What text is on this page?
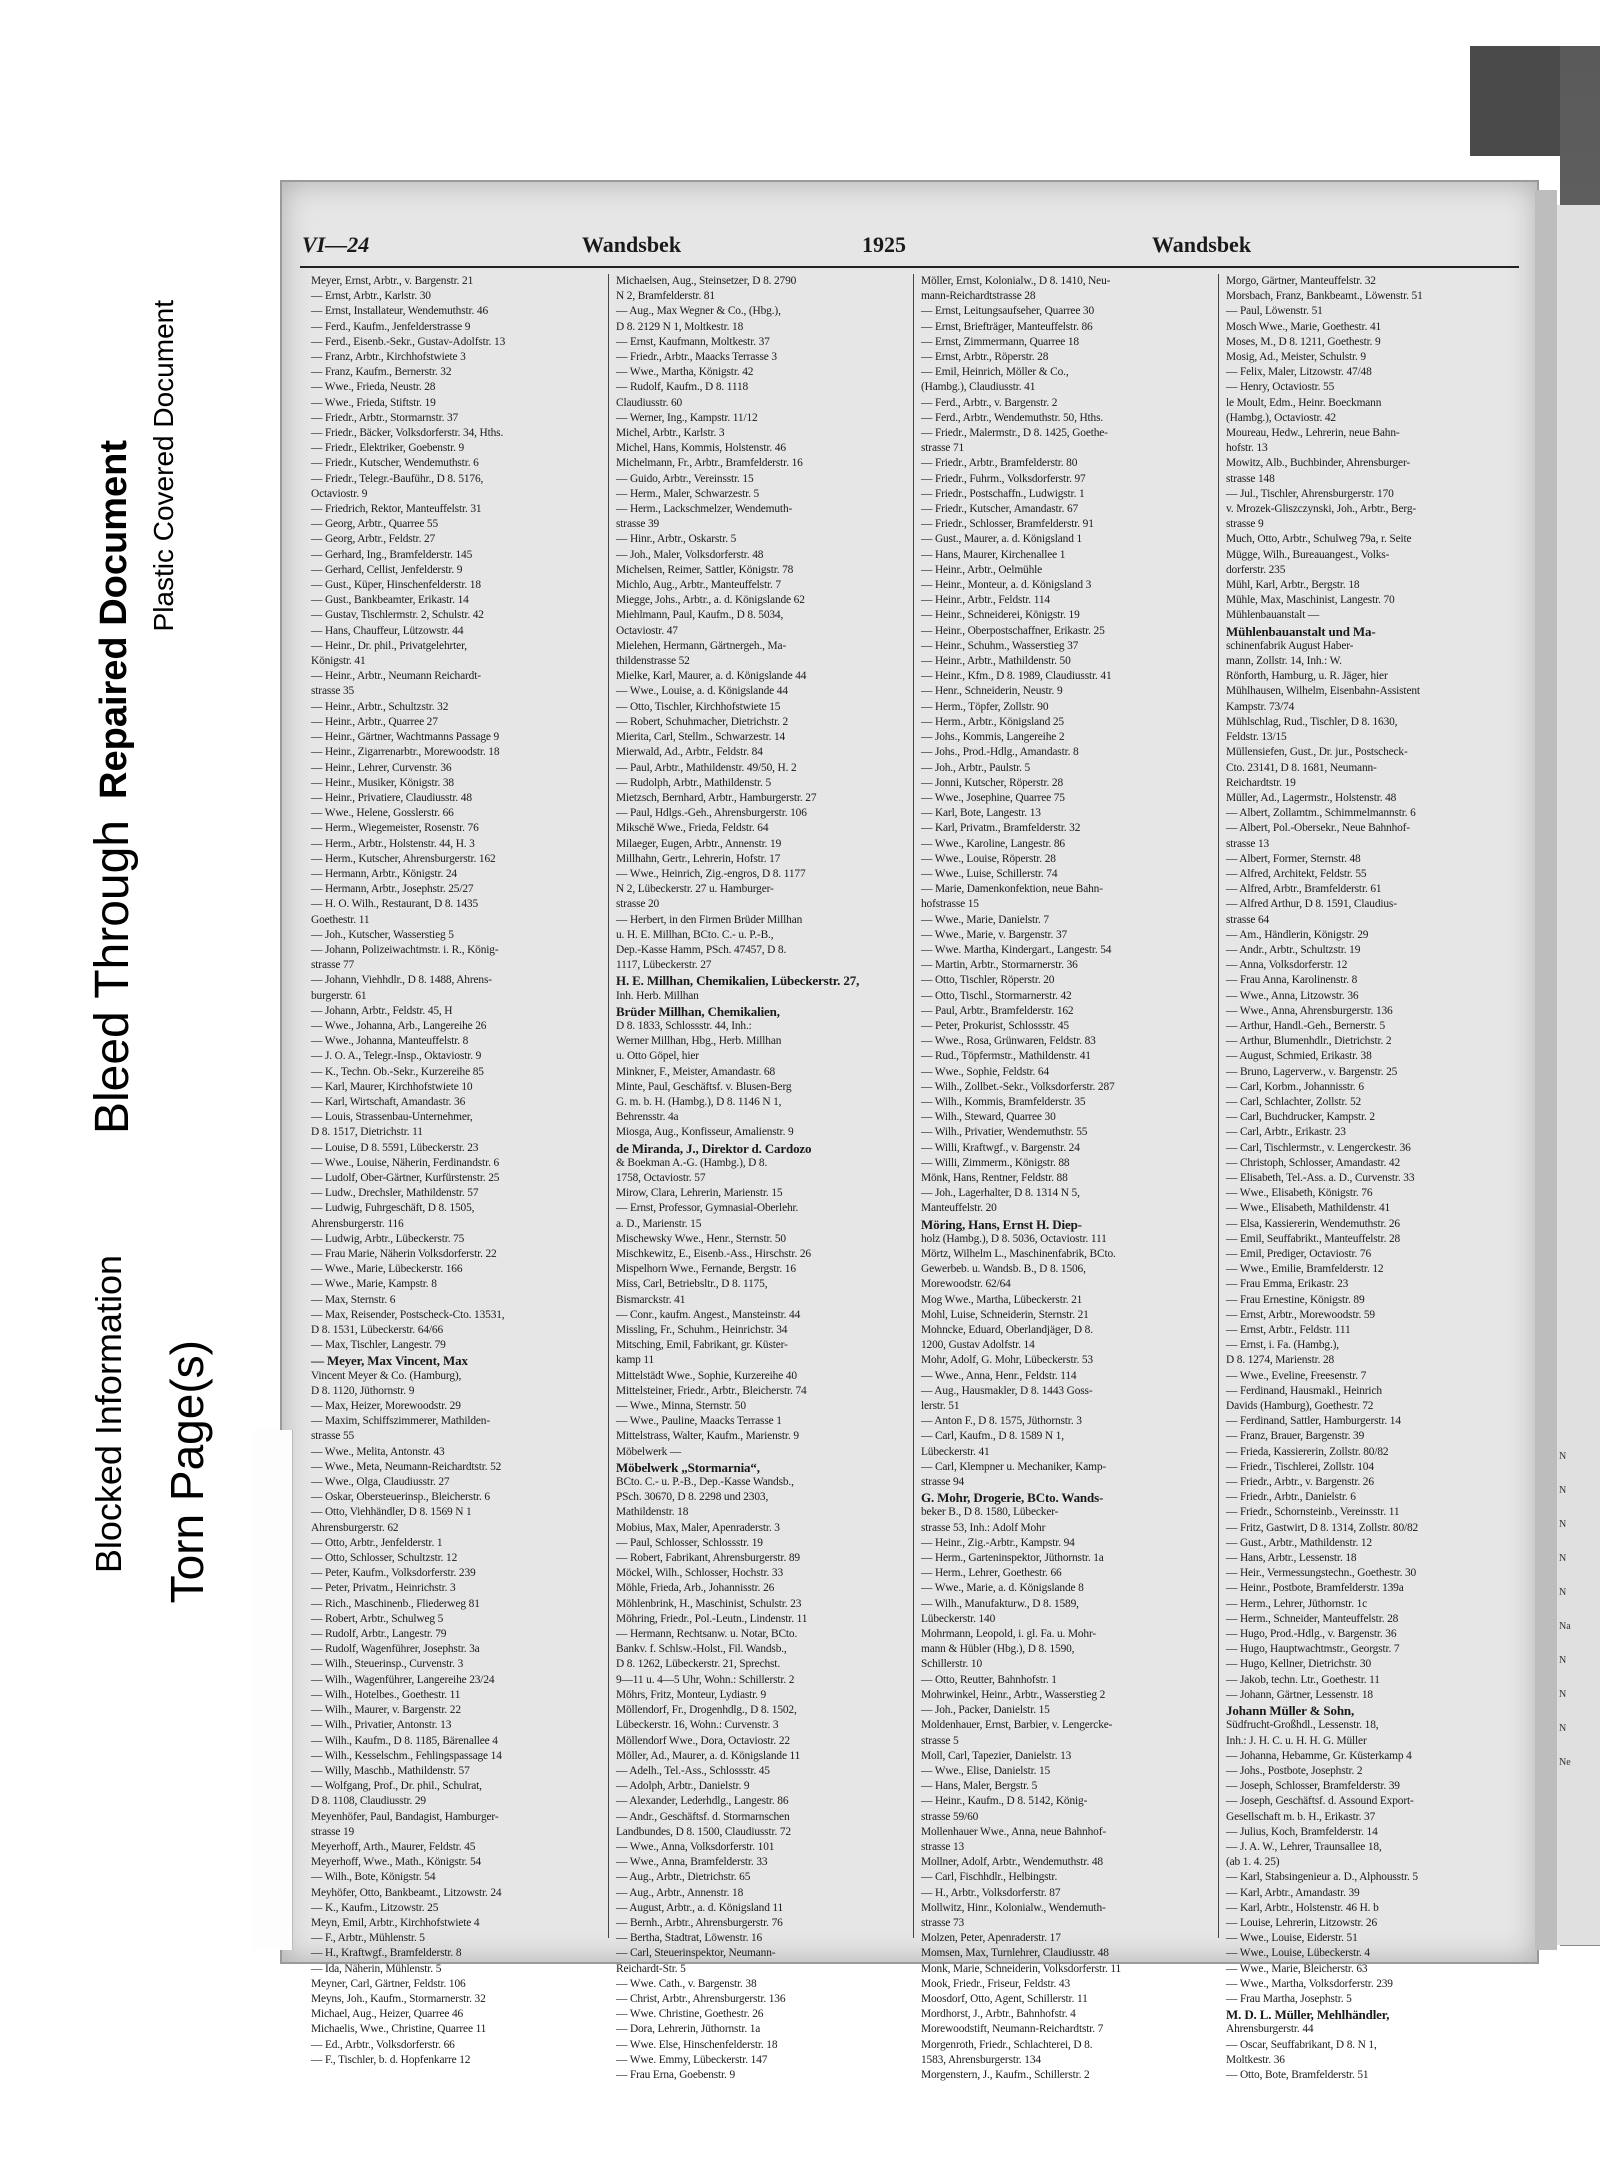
Blocked Information Torn Page(s)
Bleed Through
Repaired Document Plastic Covered Document
VI—24	Wandsbek	1925	Wandsbek
Meyer, Ernst, Arbtr., v. Bargenstr. 21
— Ernst, Arbtr., Karlstr. 30
— Ernst, Installateur, Wendemuthstr. 46
— Ferd., Kaufm., Jenfelderstrasse 9
— Ferd., Eisenb.-Sekr., Gustav-Adolfstr. 13
— Franz, Arbtr., Kirchhofstwiete 3
— Franz, Kaufm., Bernerstr. 32
— Wwe., Frieda, Neustr. 28
— Wwe., Frieda, Stiftstr. 19
— Friedr., Arbtr., Stormarnstr. 37
— Friedr., Bäcker, Volksdorferstr. 34, Hths.
— Friedr., Elektriker, Goebenstr. 9
— Friedr., Kutscher, Wendemuthstr. 6
— Friedr., Telegr.-Bauführ., D 8. 5176,
Octaviostr. 9
— Friedrich, Rektor, Manteuffelstr. 31
— Georg, Arbtr., Quarree 55
— Georg, Arbtr., Feldstr. 27
— Gerhard, Ing., Bramfelderstr. 145
— Gerhard, Cellist, Jenfelderstr. 9
— Gust., Küper, Hinschenfelderstr. 18
— Gust., Bankbeamter, Erikastr. 14
— Gustav, Tischlermstr. 2, Schulstr. 42
— Hans, Chauffeur, Lützowstr. 44
— Heinr., Dr. phil., Privatgelehrter,
Königstr. 41
— Heinr., Arbtr., Neumann Reichardt-
strasse 35
— Heinr., Arbtr., Schultzstr. 32
— Heinr., Arbtr., Quarree 27
— Heinr., Gärtner, Wachtmanns Passage 9
— Heinr., Zigarrenarbtr., Morewoodstr. 18
— Heinr., Lehrer, Curvenstr. 36
— Heinr., Musiker, Königstr. 38
— Heinr., Privatiere, Claudiusstr. 48
— Wwe., Helene, Gosslerstr. 66
— Herm., Wiegemeister, Rosenstr. 76
— Herm., Arbtr., Holstenstr. 44, H. 3
— Herm., Kutscher, Ahrensburgerstr. 162
— Hermann, Arbtr., Königstr. 24
— Hermann, Arbtr., Josephstr. 25/27
— H. O. Wilh., Restaurant, D 8. 1435
Goethestr. 11
— Joh., Kutscher, Wasserstieg 5
— Johann, Polizeiwachtmstr. i. R., König-
strasse 77
— Johann, Viehhdlr., D 8. 1488, Ahrens-
burgerstr. 61
— Johann, Arbtr., Feldstr. 45, H
— Wwe., Johanna, Arb., Langereihe 26
— Wwe., Johanna, Manteuffelstr. 8
— J. O. A., Telegr.-Insp., Oktaviostr. 9
— K., Techn. Ob.-Sekr., Kurzereihe 85
— Karl, Maurer, Kirchhofstwiete 10
— Karl, Wirtschaft, Amandastr. 36
— Louis, Strassenbau-Unternehmer,
D 8. 1517, Dietrichstr. 11
— Louise, D 8. 5591, Lübeckerstr. 23
— Wwe., Louise, Näherin, Ferdinandstr. 6
— Ludolf, Ober-Gärtner, Kurfürstenstr. 25
— Ludw., Drechsler, Mathildenstr. 57
— Ludwig, Fuhrgeschäft, D 8. 1505,
Ahrensburgerstr. 116
— Ludwig, Arbtr., Lübeckerstr. 75
— Frau Marie, Näherin Volksdorferstr. 22
— Wwe., Marie, Lübeckerstr. 166
— Wwe., Marie, Kampstr. 8
— Max, Sternstr. 6
— Max, Reisender, Postscheck-Cto. 13531,
D 8. 1531, Lübeckerstr. 64/66
— Max, Tischler, Langestr. 79
— Meyer, Max Vincent, Max
Vincent Meyer & Co. (Hamburg),
D 8. 1120, Jüthornstr. 9
— Max, Heizer, Morewoodstr. 29
— Maxim, Schiffszimmerer, Mathilden-
strasse 55
— Wwe., Melita, Antonstr. 43
— Wwe., Meta, Neumann-Reichardtstr. 52
— Wwe., Olga, Claudiusstr. 27
— Oskar, Obersteuerinsp., Bleicherstr. 6
— Otto, Viehhändler, D 8. 1569 N 1
Ahrensburgerstr. 62
— Otto, Arbtr., Jenfelderstr. 1
— Otto, Schlosser, Schultzstr. 12
— Peter, Kaufm., Volksdorferstr. 239
— Peter, Privatm., Heinrichstr. 3
— Rich., Maschinenb., Fliederweg 81
— Robert, Arbtr., Schulweg 5
— Rudolf, Arbtr., Langestr. 79
— Rudolf, Wagenführer, Josephstr. 3a
— Wilh., Steuerinsp., Curvenstr. 3
— Wilh., Wagenführer, Langereihe 23/24
— Wilh., Hotelbes., Goethestr. 11
— Wilh., Maurer, v. Bargenstr. 22
— Wilh., Privatier, Antonstr. 13
— Wilh., Kaufm., D 8. 1185, Bärenallee 4
— Wilh., Kesselschm., Fehlingspassage 14
— Willy, Maschb., Mathildenstr. 57
— Wolfgang, Prof., Dr. phil., Schulrat,
D 8. 1108, Claudiusstr. 29
Meyenhöfer, Paul, Bandagist, Hamburger-
strasse 19
Meyerhoff, Arth., Maurer, Feldstr. 45
Meyerhoff, Wwe., Math., Königstr. 54
— Wilh., Bote, Königstr. 54
Meyhöfer, Otto, Bankbeamt., Litzowstr. 24
— K., Kaufm., Litzowstr. 25
Meyn, Emil, Arbtr., Kirchhofstwiete 4
— F., Arbtr., Mühlenstr. 5
— H., Kraftwgf., Bramfelderstr. 8
— Ida, Näherin, Mühlenstr. 5
Meyner, Carl, Gärtner, Feldstr. 106
Meyns, Joh., Kaufm., Stormarnerstr. 32
Michael, Aug., Heizer, Quarree 46
Michaelis, Wwe., Christine, Quarree 11
— Ed., Arbtr., Volksdorferstr. 66
— F., Tischler, b. d. Hopfenkarre 12
Michaelsen, Aug., Steinsetzer, D 8. 2790
N 2, Bramfelderstr. 81
— Aug., Max Wegner & Co., (Hbg.),
D 8. 2129 N 1, Moltkestr. 18
— Ernst, Kaufmann, Moltkestr. 37
— Friedr., Arbtr., Maacks Terrasse 3
— Wwe., Martha, Königstr. 42
— Rudolf, Kaufm., D 8. 1118
Claudiusstr. 60
— Werner, Ing., Kampstr. 11/12
Michel, Arbtr., Karlstr. 3
Michel, Hans, Kommis, Holstenstr. 46
Michelmann, Fr., Arbtr., Bramfelderstr. 16
— Guido, Arbtr., Vereinsstr. 15
— Herm., Maler, Schwarzestr. 5
— Herm., Lackschmelzer, Wendemuth-
strasse 39
— Hinr., Arbtr., Oskarstr. 5
— Joh., Maler, Volksdorferstr. 48
Michelsen, Reimer, Sattler, Königstr. 78
Michlo, Aug., Arbtr., Manteuffelstr. 7
Miegge, Johs., Arbtr., a. d. Königslande 62
Miehlmann, Paul, Kaufm., D 8. 5034,
Octaviostr. 47
Mielehen, Hermann, Gärtnergeh., Ma-
thildenstrasse 52
Mielke, Karl, Maurer, a. d. Königslande 44
— Wwe., Louise, a. d. Königslande 44
— Otto, Tischler, Kirchhofstwiete 15
— Robert, Schuhmacher, Dietrichstr. 2
Mierita, Carl, Stellm., Schwarzestr. 14
Mierwald, Ad., Arbtr., Feldstr. 84
— Paul, Arbtr., Mathildenstr. 49/50, H. 2
— Rudolph, Arbtr., Mathildenstr. 5
Mietzsch, Bernhard, Arbtr., Hamburgerstr. 27
— Paul, Hdlgs.-Geh., Ahrensburgerstr. 106
Mikschë Wwe., Frieda, Feldstr. 64
Milaeger, Eugen, Arbtr., Annenstr. 19
Millhahn, Gertr., Lehrerin, Hofstr. 17
— Wwe., Heinrich, Zig.-engros, D 8. 1177
N 2, Lübeckerstr. 27 u. Hamburger-
strasse 20
— Herbert, in den Firmen Brüder Millhan
u. H. E. Millhan, BCto. C.- u. P.-B.,
Dep.-Kasse Hamm, PSch. 47457, D 8.
1117, Lübeckerstr. 27
H. E. Millhan, Chemikalien, Lübeckerstr. 27,
Inh. Herb. Millhan
Brüder Millhan, Chemikalien,
D 8. 1833, Schlossstr. 44, Inh.:
Werner Millhan, Hbg., Herb. Millhan
u. Otto Göpel, hier
Minkner, F., Meister, Amandastr. 68
Minte, Paul, Geschäftsf. v. Blusen-Berg
G. m. b. H. (Hambg.), D 8. 1146 N 1,
Behrensstr. 4a
Miosga, Aug., Konfisseur, Amalienstr. 9
de Miranda, J., Direktor d. Cardozo
& Boekman A.-G. (Hambg.), D 8.
1758, Octaviostr. 57
Mirow, Clara, Lehrerin, Marienstr. 15
— Ernst, Professor, Gymnasial-Oberlehr.
a. D., Marienstr. 15
Mischewsky Wwe., Henr., Sternstr. 50
Mischkewitz, E., Eisenb.-Ass., Hirschstr. 26
Mispelhorn Wwe., Fernande, Bergstr. 16
Miss, Carl, Betriebsltr., D 8. 1175,
Bismarckstr. 41
— Conr., kaufm. Angest., Mansteinstr. 44
Missling, Fr., Schuhm., Heinrichstr. 34
Mitsching, Emil, Fabrikant, gr. Küster-
kamp 11
Mittelstädt Wwe., Sophie, Kurzereihe 40
Mittelsteiner, Friedr., Arbtr., Bleicherstr. 74
— Wwe., Minna, Sternstr. 50
— Wwe., Pauline, Maacks Terrasse 1
Mittelstrass, Walter, Kaufm., Marienstr. 9
Möbelwerk —
Möbelwerk „Stormarnia“,
BCto. C.- u. P.-B., Dep.-Kasse Wandsb.,
PSch. 30670, D 8. 2298 und 2303,
Mathildenstr. 18
Mobius, Max, Maler, Apenraderstr. 3
— Paul, Schlosser, Schlossstr. 19
— Robert, Fabrikant, Ahrensburgerstr. 89
Möckel, Wilh., Schlosser, Hochstr. 33
Möhle, Frieda, Arb., Johannisstr. 26
Möhlenbrink, H., Maschinist, Schulstr. 23
Möhring, Friedr., Pol.-Leutn., Lindenstr. 11
— Hermann, Rechtsanw. u. Notar, BCto.
Bankv. f. Schlsw.-Holst., Fil. Wandsb.,
D 8. 1262, Lübeckerstr. 21, Sprechst.
9—11 u. 4—5 Uhr, Wohn.: Schillerstr. 2
Möhrs, Fritz, Monteur, Lydiastr. 9
Möllendorf, Fr., Drogenhdlg., D 8. 1502,
Lübeckerstr. 16, Wohn.: Curvenstr. 3
Möllendorf Wwe., Dora, Octaviostr. 22
Möller, Ad., Maurer, a. d. Königslande 11
— Adelh., Tel.-Ass., Schlossstr. 45
— Adolph, Arbtr., Danielstr. 9
— Alexander, Lederhdlg., Langestr. 86
— Andr., Geschäftsf. d. Stormarnschen
Landbundes, D 8. 1500, Claudiusstr. 72
— Wwe., Anna, Volksdorferstr. 101
— Wwe., Anna, Bramfelderstr. 33
— Aug., Arbtr., Dietrichstr. 65
— Aug., Arbtr., Annenstr. 18
— August, Arbtr., a. d. Königsland 11
— Bernh., Arbtr., Ahrensburgerstr. 76
— Bertha, Stadtrat, Löwenstr. 16
— Carl, Steuerinspektor, Neumann-
Reichardt-Str. 5
— Wwe. Cath., v. Bargenstr. 38
— Christ, Arbtr., Ahrensburgerstr. 136
— Wwe. Christine, Goethestr. 26
— Dora, Lehrerin, Jüthornstr. 1a
— Wwe. Else, Hinschenfelderstr. 18
— Wwe. Emmy, Lübeckerstr. 147
— Frau Erna, Goebenstr. 9
Möller, Ernst, Kolonialw., D 8. 1410, Neu-
mann-Reichardtstrasse 28
— Ernst, Leitungsaufseher, Quarree 30
— Ernst, Briefträger, Manteuffelstr. 86
— Ernst, Zimmermann, Quarree 18
— Ernst, Arbtr., Röperstr. 28
— Emil, Heinrich, Möller & Co.,
(Hambg.), Claudiusstr. 41
— Ferd., Arbtr., v. Bargenstr. 2
— Ferd., Arbtr., Wendemuthstr. 50, Hths.
— Friedr., Malermstr., D 8. 1425, Goethe-
strasse 71
— Friedr., Arbtr., Bramfelderstr. 80
— Friedr., Fuhrm., Volksdorferstr. 97
— Friedr., Postschaffn., Ludwigstr. 1
— Friedr., Kutscher, Amandastr. 67
— Friedr., Schlosser, Bramfelderstr. 91
— Gust., Maurer, a. d. Königsland 1
— Hans, Maurer, Kirchenallee 1
— Heinr., Arbtr., Oelmühle
— Heinr., Monteur, a. d. Königsland 3
— Heinr., Arbtr., Feldstr. 114
— Heinr., Schneiderei, Königstr. 19
— Heinr., Oberpostschaffner, Erikastr. 25
— Heinr., Schuhm., Wasserstieg 37
— Heinr., Arbtr., Mathildenstr. 50
— Heinr., Kfm., D 8. 1989, Claudiusstr. 41
— Henr., Schneiderin, Neustr. 9
— Herm., Töpfer, Zollstr. 90
— Herm., Arbtr., Königsland 25
— Johs., Kommis, Langereihe 2
— Johs., Prod.-Hdlg., Amandastr. 8
— Joh., Arbtr., Paulstr. 5
— Jonni, Kutscher, Röperstr. 28
— Wwe., Josephine, Quarree 75
— Karl, Bote, Langestr. 13
— Karl, Privatm., Bramfelderstr. 32
— Wwe., Karoline, Langestr. 86
— Wwe., Louise, Röperstr. 28
— Wwe., Luise, Schillerstr. 74
— Marie, Damenkonfektion, neue Bahn-
hofstrasse 15
— Wwe., Marie, Danielstr. 7
— Wwe., Marie, v. Bargenstr. 37
— Wwe. Martha, Kindergart., Langestr. 54
— Martin, Arbtr., Stormarnerstr. 36
— Otto, Tischler, Röperstr. 20
— Otto, Tischl., Stormarnerstr. 42
— Paul, Arbtr., Bramfelderstr. 162
— Peter, Prokurist, Schlossstr. 45
— Wwe., Rosa, Grünwaren, Feldstr. 83
— Rud., Töpfermstr., Mathildenstr. 41
— Wwe., Sophie, Feldstr. 64
— Wilh., Zollbet.-Sekr., Volksdorferstr. 287
— Wilh., Kommis, Bramfelderstr. 35
— Wilh., Steward, Quarree 30
— Wilh., Privatier, Wendemuthstr. 55
— Willi, Kraftwgf., v. Bargenstr. 24
— Willi, Zimmerm., Königstr. 88
Mönk, Hans, Rentner, Feldstr. 88
— Joh., Lagerhalter, D 8. 1314 N 5,
Manteuffelstr. 20
Möring, Hans, Ernst H. Diep-
holz (Hambg.), D 8. 5036, Octaviostr. 111
Mörtz, Wilhelm L., Maschinenfabrik, BCto.
Gewerbeb. u. Wandsb. B., D 8. 1506,
Morewoodstr. 62/64
Mog Wwe., Martha, Lübeckerstr. 21
Mohl, Luise, Schneiderin, Sternstr. 21
Mohncke, Eduard, Oberlandjäger, D 8.
1200, Gustav Adolfstr. 14
Mohr, Adolf, G. Mohr, Lübeckerstr. 53
— Wwe., Anna, Henr., Feldstr. 114
— Aug., Hausmakler, D 8. 1443 Goss-
lerstr. 51
— Anton F., D 8. 1575, Jüthornstr. 3
— Carl, Kaufm., D 8. 1589 N 1,
Lübeckerstr. 41
— Carl, Klempner u. Mechaniker, Kamp-
strasse 94
G. Mohr, Drogerie, BCto. Wands-
beker B., D 8. 1580, Lübecker-
strasse 53, Inh.: Adolf Mohr
— Heinr., Zig.-Arbtr., Kampstr. 94
— Herm., Garteninspektor, Jüthornstr. 1a
— Herm., Lehrer, Goethestr. 66
— Wwe., Marie, a. d. Königslande 8
— Wilh., Manufakturw., D 8. 1589,
Lübeckerstr. 140
Mohrmann, Leopold, i. gl. Fa. u. Mohr-
mann & Hübler (Hbg.), D 8. 1590,
Schillerstr. 10
— Otto, Reutter, Bahnhofstr. 1
Mohrwinkel, Heinr., Arbtr., Wasserstieg 2
— Joh., Packer, Danielstr. 15
Moldenhauer, Ernst, Barbier, v. Lengercke-
strasse 5
Moll, Carl, Tapezier, Danielstr. 13
— Wwe., Elise, Danielstr. 15
— Hans, Maler, Bergstr. 5
— Heinr., Kaufm., D 8. 5142, König-
strasse 59/60
Mollenhauer Wwe., Anna, neue Bahnhof-
strasse 13
Mollner, Adolf, Arbtr., Wendemuthstr. 48
— Carl, Fischhdlr., Helbingstr.
— H., Arbtr., Volksdorferstr. 87
Mollwitz, Hinr., Kolonialw., Wendemuth-
strasse 73
Molzen, Peter, Apenraderstr. 17
Momsen, Max, Turnlehrer, Claudiusstr. 48
Monk, Marie, Schneiderin, Volksdorferstr. 11
Mook, Friedr., Friseur, Feldstr. 43
Moosdorf, Otto, Agent, Schillerstr. 11
Mordhorst, J., Arbtr., Bahnhofstr. 4
Morewoodstift, Neumann-Reichardtstr. 7
Morgenroth, Friedr., Schlachterei, D 8.
1583, Ahrensburgerstr. 134
Morgenstern, J., Kaufm., Schillerstr. 2
Morgo, Gärtner, Manteuffelstr. 32
Morsbach, Franz, Bankbeamt., Löwenstr. 51
— Paul, Löwenstr. 51
Mosch Wwe., Marie, Goethestr. 41
Moses, M., D 8. 1211, Goethestr. 9
Mosig, Ad., Meister, Schulstr. 9
— Felix, Maler, Litzowstr. 47/48
— Henry, Octaviostr. 55
le Moult, Edm., Heinr. Boeckmann
(Hambg.), Octaviostr. 42
Moureau, Hedw., Lehrerin, neue Bahn-
hofstr. 13
Mowitz, Alb., Buchbinder, Ahrensburger-
strasse 148
— Jul., Tischler, Ahrensburgerstr. 170
v. Mrozek-Gliszczynski, Joh., Arbtr., Berg-
strasse 9
Much, Otto, Arbtr., Schulweg 79a, r. Seite
Mügge, Wilh., Bureauangest., Volks-
dorferstr. 235
Mühl, Karl, Arbtr., Bergstr. 18
Mühle, Max, Maschinist, Langestr. 70
Mühlenbauanstalt —
Mühlenbauanstalt und Ma-
schinenfabrik August Haber-
mann, Zollstr. 14, Inh.: W.
Rönforth, Hamburg, u. R. Jäger, hier
Mühlhausen, Wilhelm, Eisenbahn-Assistent
Kampstr. 73/74
Mühlschlag, Rud., Tischler, D 8. 1630,
Feldstr. 13/15
Müllensiefen, Gust., Dr. jur., Postscheck-
Cto. 23141, D 8. 1681, Neumann-
Reichardtstr. 19
Müller, Ad., Lagermstr., Holstenstr. 48
— Albert, Zollamtm., Schimmelmannstr. 6
— Albert, Pol.-Obersekr., Neue Bahnhof-
strasse 13
— Albert, Former, Sternstr. 48
— Alfred, Architekt, Feldstr. 55
— Alfred, Arbtr., Bramfelderstr. 61
— Alfred Arthur, D 8. 1591, Claudius-
strasse 64
— Am., Händlerin, Königstr. 29
— Andr., Arbtr., Schultzstr. 19
— Anna, Volksdorferstr. 12
— Frau Anna, Karolinenstr. 8
— Wwe., Anna, Litzowstr. 36
— Wwe., Anna, Ahrensburgerstr. 136
— Arthur, Handl.-Geh., Bernerstr. 5
— Arthur, Blumenhdlr., Dietrichstr. 2
— August, Schmied, Erikastr. 38
— Bruno, Lagerverw., v. Bargenstr. 25
— Carl, Korbm., Johannisstr. 6
— Carl, Schlachter, Zollstr. 52
— Carl, Buchdrucker, Kampstr. 2
— Carl, Arbtr., Erikastr. 23
— Carl, Tischlermstr., v. Lengerckestr. 36
— Christoph, Schlosser, Amandastr. 42
— Elisabeth, Tel.-Ass. a. D., Curvenstr. 33
— Wwe., Elisabeth, Königstr. 76
— Wwe., Elisabeth, Mathildenstr. 41
— Elsa, Kassiererin, Wendemuthstr. 26
— Emil, Seuffabrikt., Manteuffelstr. 28
— Emil, Prediger, Octaviostr. 76
— Wwe., Emilie, Bramfelderstr. 12
— Frau Emma, Erikastr. 23
— Frau Ernestine, Königstr. 89
— Ernst, Arbtr., Morewoodstr. 59
— Ernst, Arbtr., Feldstr. 111
— Ernst, i. Fa. (Hambg.),
D 8. 1274, Marienstr. 28
— Wwe., Eveline, Freesenstr. 7
— Ferdinand, Hausmakl., Heinrich
Davids (Hamburg), Goethestr. 72
— Ferdinand, Sattler, Hamburgerstr. 14
— Franz, Brauer, Bargenstr. 39
— Frieda, Kassiererin, Zollstr. 80/82
— Friedr., Tischlerei, Zollstr. 104
— Friedr., Arbtr., v. Bargenstr. 26
— Friedr., Arbtr., Danielstr. 6
— Friedr., Schornsteinb., Vereinsstr. 11
— Fritz, Gastwirt, D 8. 1314, Zollstr. 80/82
— Gust., Arbtr., Mathildenstr. 12
— Hans, Arbtr., Lessenstr. 18
— Heir., Vermessungstechn., Goethestr. 30
— Heinr., Postbote, Bramfelderstr. 139a
— Herm., Lehrer, Jüthornstr. 1c
— Herm., Schneider, Manteuffelstr. 28
— Hugo, Prod.-Hdlg., v. Bargenstr. 36
— Hugo, Hauptwachtmstr., Georgstr. 7
— Hugo, Kellner, Dietrichstr. 30
— Jakob, techn. Ltr., Goethestr. 11
— Johann, Gärtner, Lessenstr. 18
Johann Müller & Sohn,
Südfrucht-Großhdl., Lessenstr. 18,
Inh.: J. H. C. u. H. H. G. Müller
— Johanna, Hebamme, Gr. Küsterkamp 4
— Johs., Postbote, Josephstr. 2
— Joseph, Schlosser, Bramfelderstr. 39
— Joseph, Geschäftsf. d. Assound Export-
Gesellschaft m. b. H., Erikastr. 37
— Julius, Koch, Bramfelderstr. 14
— J. A. W., Lehrer, Traunsallee 18,
(ab 1. 4. 25)
— Karl, Stabsingenieur a. D., Alphousstr. 5
— Karl, Arbtr., Amandastr. 39
— Karl, Arbtr., Holstenstr. 46 H. b
— Louise, Lehrerin, Litzowstr. 26
— Wwe., Louise, Eiderstr. 51
— Wwe., Louise, Lübeckerstr. 4
— Wwe., Marie, Bleicherstr. 63
— Wwe., Martha, Volksdorferstr. 239
— Frau Martha, Josephstr. 5
M. D. L. Müller, Mehlhändler,
Ahrensburgerstr. 44
— Oscar, Seuffabrikant, D 8. N 1,
Moltkestr. 36
— Otto, Bote, Bramfelderstr. 51
N
N
N
N
N
Na
N
N
N
Ne
